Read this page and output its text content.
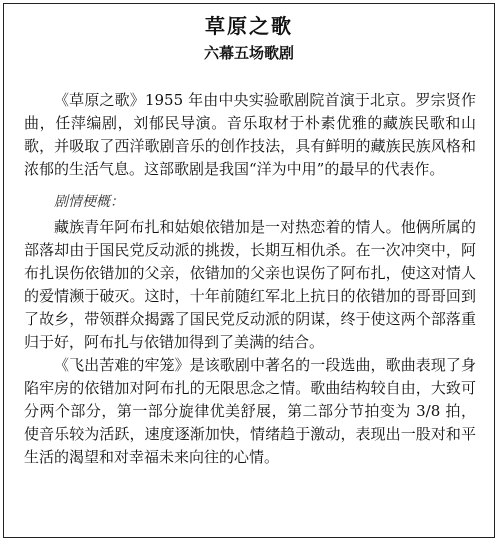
草原之歌
六幕五场歌剧

《草原之歌》1955 年由中央实验歌剧院首演于北京。罗宗贤作曲，任萍编剧，刘郁民导演。音乐取材于朴素优雅的藏族民歌和山歌，并吸取了西洋歌剧音乐的创作技法，具有鲜明的藏族民族风格和浓郁的生活气息。这部歌剧是我国“洋为中用”的最早的代表作。

剧情梗概：

藏族青年阿布扎和姑娘依错加是一对热恋着的情人。他俩所属的部落却由于国民党反动派的挑拨，长期互相仇杀。在一次冲突中，阿布扎误伤依错加的父亲，依错加的父亲也误伤了阿布扎，使这对情人的爱情濒于破灭。这时，十年前随红军北上抗日的依错加的哥哥回到了故乡，带领群众揭露了国民党反动派的阴谋，终于使这两个部落重归于好，阿布扎与依错加得到了美满的结合。

《飞出苦难的牢笼》是该歌剧中著名的一段选曲，歌曲表现了身陷牢房的依错加对阿布扎的无限思念之情。歌曲结构较自由，大致可分两个部分，第一部分旋律优美舒展，第二部分节拍变为 3/8 拍，使音乐较为活跃，速度逐渐加快，情绪趋于激动，表现出一股对和平生活的渴望和对幸福未来向往的心情。
